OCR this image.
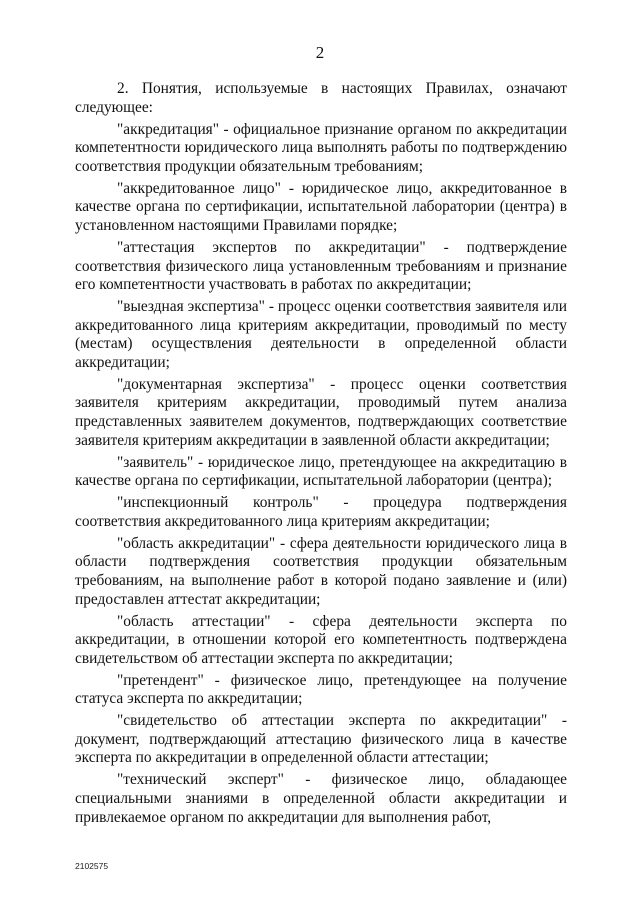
2

2. Понятия, используемые в настоящих Правилах, означают следующее:

"аккредитация" - официальное признание органом по аккредитации компетентности юридического лица выполнять работы по подтверждению соответствия продукции обязательным требованиям;

"аккредитованное лицо" - юридическое лицо, аккредитованное в качестве органа по сертификации, испытательной лаборатории (центра) в установленном настоящими Правилами порядке;

"аттестация экспертов по аккредитации" - подтверждение соответствия физического лица установленным требованиям и признание его компетентности участвовать в работах по аккредитации;

"выездная экспертиза" - процесс оценки соответствия заявителя или аккредитованного лица критериям аккредитации, проводимый по месту (местам) осуществления деятельности в определенной области аккредитации;

"документарная экспертиза" - процесс оценки соответствия заявителя критериям аккредитации, проводимый путем анализа представленных заявителем документов, подтверждающих соответствие заявителя критериям аккредитации в заявленной области аккредитации;

"заявитель" - юридическое лицо, претендующее на аккредитацию в качестве органа по сертификации, испытательной лаборатории (центра);

"инспекционный контроль" - процедура подтверждения соответствия аккредитованного лица критериям аккредитации;

"область аккредитации" - сфера деятельности юридического лица в области подтверждения соответствия продукции обязательным требованиям, на выполнение работ в которой подано заявление и (или) предоставлен аттестат аккредитации;

"область аттестации" - сфера деятельности эксперта по аккредитации, в отношении которой его компетентность подтверждена свидетельством об аттестации эксперта по аккредитации;

"претендент" - физическое лицо, претендующее на получение статуса эксперта по аккредитации;

"свидетельство об аттестации эксперта по аккредитации" - документ, подтверждающий аттестацию физического лица в качестве эксперта по аккредитации в определенной области аттестации;

"технический эксперт" - физическое лицо, обладающее специальными знаниями в определенной области аккредитации и привлекаемое органом по аккредитации для выполнения работ,

2102575
